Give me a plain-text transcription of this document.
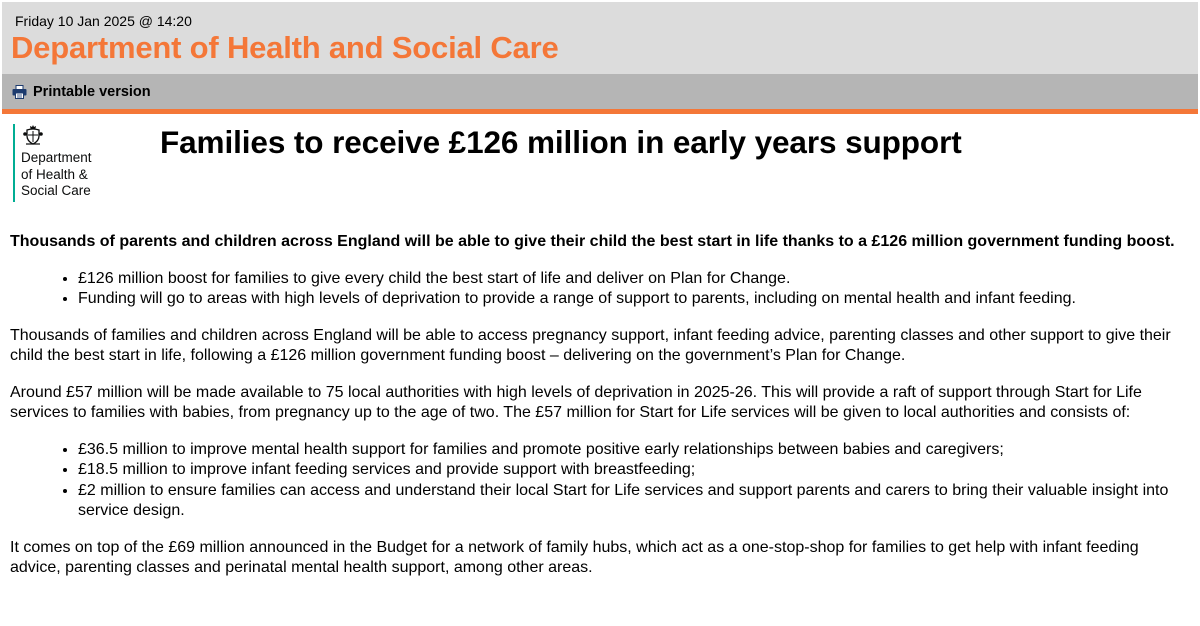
Friday 10 Jan 2025 @ 14:20
Department of Health and Social Care
Printable version
Department
of Health &
Social Care
Families to receive £126 million in early years support

Thousands of parents and children across England will be able to give their child the best start in life thanks to a £126 million government funding boost.

• £126 million boost for families to give every child the best start of life and deliver on Plan for Change.
• Funding will go to areas with high levels of deprivation to provide a range of support to parents, including on mental health and infant feeding.

Thousands of families and children across England will be able to access pregnancy support, infant feeding advice, parenting classes and other support to give their child the best start in life, following a £126 million government funding boost – delivering on the government’s Plan for Change.

Around £57 million will be made available to 75 local authorities with high levels of deprivation in 2025-26. This will provide a raft of support through Start for Life services to families with babies, from pregnancy up to the age of two. The £57 million for Start for Life services will be given to local authorities and consists of:

• £36.5 million to improve mental health support for families and promote positive early relationships between babies and caregivers;
• £18.5 million to improve infant feeding services and provide support with breastfeeding;
• £2 million to ensure families can access and understand their local Start for Life services and support parents and carers to bring their valuable insight into service design.

It comes on top of the £69 million announced in the Budget for a network of family hubs, which act as a one-stop-shop for families to get help with infant feeding advice, parenting classes and perinatal mental health support, among other areas.
